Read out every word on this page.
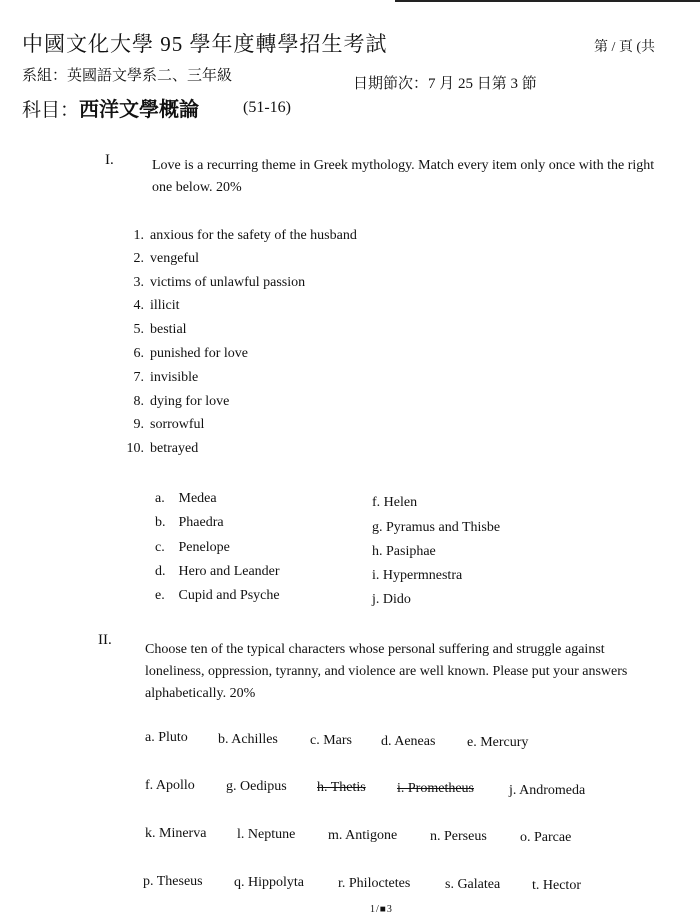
中國文化大學 95 學年度轉學招生考試	第 / 頁 (共
系組：英國語文學系二、三年級	日期節次：7 月 25 日第 3 節
科目：西洋文學概論	(51-16)
I.	Love is a recurring theme in Greek mythology. Match every item only once with the right one below. 20%
1. anxious for the safety of the husband
2. vengeful
3. victims of unlawful passion
4. illicit
5. bestial
6. punished for love
7. invisible
8. dying for love
9. sorrowful
10. betrayed
a. Medea
b. Phaedra
c. Penelope
d. Hero and Leander
e. Cupid and Psyche
f. Helen
g. Pyramus and Thisbe
h. Pasiphae
i. Hypermnestra
j. Dido
II.
Choose ten of the typical characters whose personal suffering and struggle against loneliness, oppression, tyranny, and violence are well known. Please put your answers alphabetically. 20%
a. Pluto b. Achilles c. Mars d. Aeneas e. Mercury
f. Apollo g. Oedipus h. Thetis i. Prometheus	j. Andromeda
k. Minerva l. Neptune m. Antigone n. Perseus o. Parcae
p. Theseus q. Hippolyta r. Philoctetes s. Galatea t. Hector
1/■3
